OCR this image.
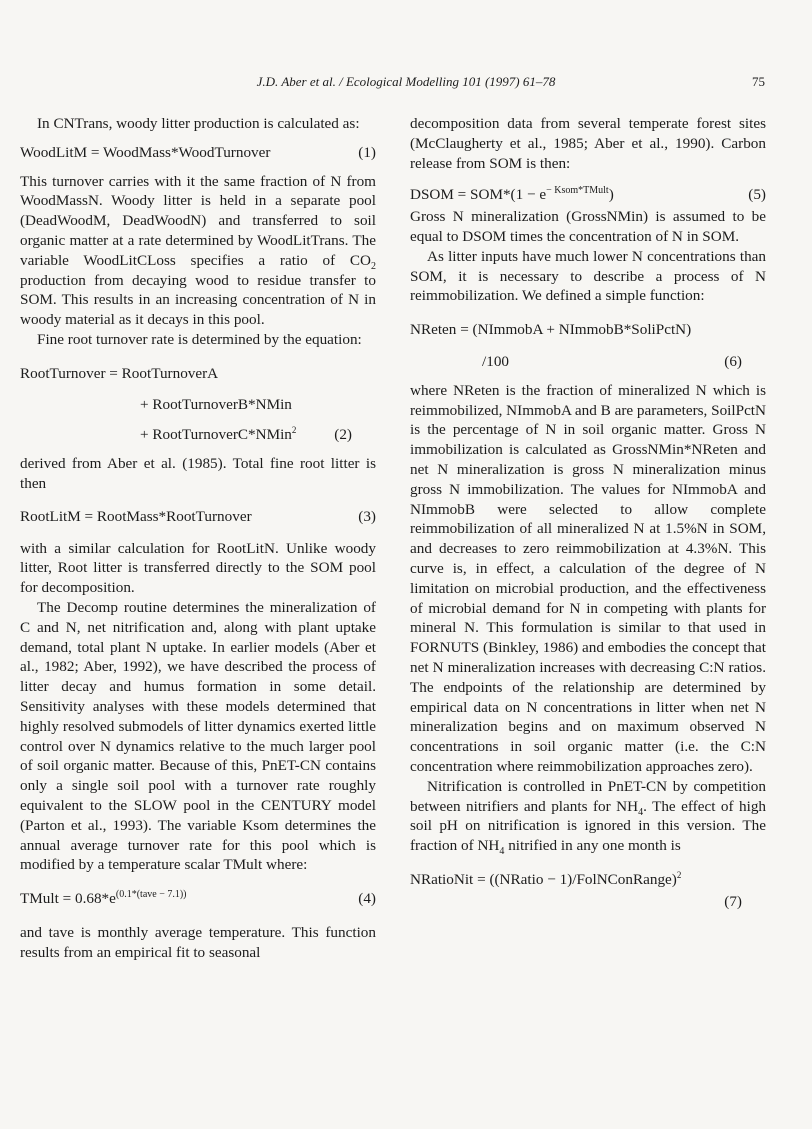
J.D. Aber et al. / Ecological Modelling 101 (1997) 61–78	75

In CNTrans, woody litter production is calculated as:

WoodLitM = WoodMass*WoodTurnover	(1)

This turnover carries with it the same fraction of N from WoodMassN. Woody litter is held in a separate pool (DeadWoodM, DeadWoodN) and transferred to soil organic matter at a rate determined by WoodLitTrans. The variable WoodLitCLoss specifies a ratio of $CO_2$ production from decaying wood to residue transfer to SOM. This results in an increasing concentration of N in woody material as it decays in this pool.

Fine root turnover rate is determined by the equation:

RootTurnover = RootTurnoverA
+ RootTurnoverB*NMin
+ RootTurnoverC*NMin$^2$ (2)

derived from Aber et al. (1985). Total fine root litter is then

RootLitM = RootMass*RootTurnover	(3)

with a similar calculation for RootLitN. Unlike woody litter, Root litter is transferred directly to the SOM pool for decomposition.

The Decomp routine determines the mineralization of C and N, net nitrification and, along with plant uptake demand, total plant N uptake. In earlier models (Aber et al., 1982; Aber, 1992), we have described the process of litter decay and humus formation in some detail. Sensitivity analyses with these models determined that highly resolved submodels of litter dynamics exerted little control over N dynamics relative to the much larger pool of soil organic matter. Because of this, PnET-CN contains only a single soil pool with a turnover rate roughly equivalent to the SLOW pool in the CENTURY model (Parton et al., 1993). The variable Ksom determines the annual average turnover rate for this pool which is modified by a temperature scalar TMult where:

TMult = $0.68*e^{(0.1*(tave - 7.1))}$	(4)

and tave is monthly average temperature. This function results from an empirical fit to seasonal

decomposition data from several temperate forest sites (McClaugherty et al., 1985; Aber et al., 1990). Carbon release from SOM is then:

DSOM = $SOM*(1 - e^{- Ksom*TMult})$	(5)

Gross N mineralization (GrossNMin) is assumed to be equal to DSOM times the concentration of N in SOM.

As litter inputs have much lower N concentrations than SOM, it is necessary to describe a process of N reimmobilization. We defined a simple function:

NReten = (NImmobA + NImmobB*SoliPctN)
/100	(6)

where NReten is the fraction of mineralized N which is reimmobilized, NImmobA and B are parameters, SoilPctN is the percentage of N in soil organic matter. Gross N immobilization is calculated as GrossNMin*NReten and net N mineralization is gross N mineralization minus gross N immobilization. The values for NImmobA and NImmobB were selected to allow complete reimmobilization of all mineralized N at 1.5%N in SOM, and decreases to zero reimmobilization at 4.3%N. This curve is, in effect, a calculation of the degree of N limitation on microbial production, and the effectiveness of microbial demand for N in competing with plants for mineral N. This formulation is similar to that used in FORNUTS (Binkley, 1986) and embodies the concept that net N mineralization increases with decreasing C:N ratios. The endpoints of the relationship are determined by empirical data on N concentrations in litter when net N mineralization begins and on maximum observed N concentrations in soil organic matter (i.e. the C:N concentration where reimmobilization approaches zero).

Nitrification is controlled in PnET-CN by competition between nitrifiers and plants for $NH_4$. The effect of high soil pH on nitrification is ignored in this version. The fraction of $NH_4$ nitrified in any one month is

NRatioNit = ((NRatio − 1)/FolNConRange)$^2$
(7)
